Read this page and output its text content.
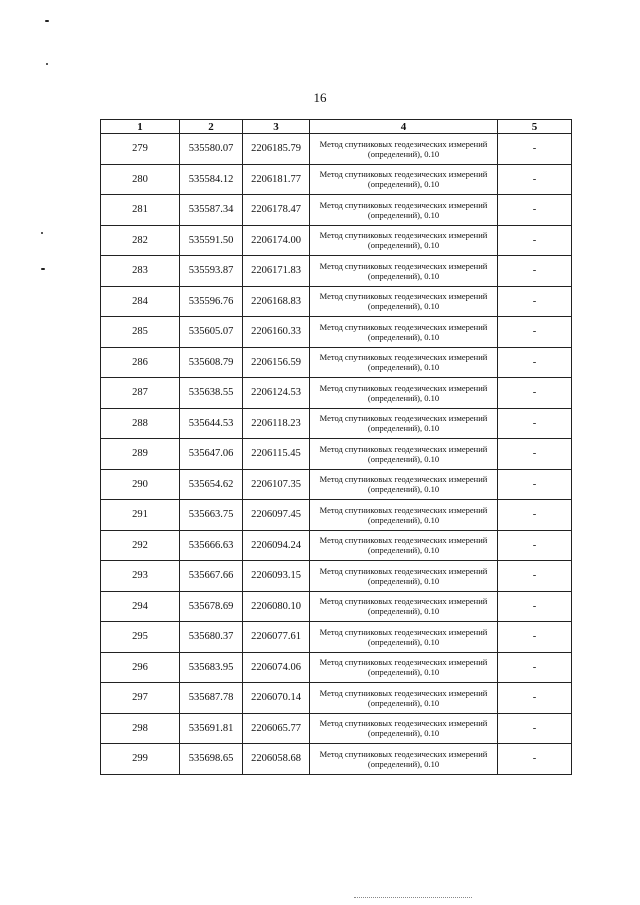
16
1	2	3	4	5
279	535580.07	2206185.79	Метод спутниковых геодезических измерений (определений), 0.10	-
280	535584.12	2206181.77	Метод спутниковых геодезических измерений (определений), 0.10	-
281	535587.34	2206178.47	Метод спутниковых геодезических измерений (определений), 0.10	-
282	535591.50	2206174.00	Метод спутниковых геодезических измерений (определений), 0.10	-
283	535593.87	2206171.83	Метод спутниковых геодезических измерений (определений), 0.10	-
284	535596.76	2206168.83	Метод спутниковых геодезических измерений (определений), 0.10	-
285	535605.07	2206160.33	Метод спутниковых геодезических измерений (определений), 0.10	-
286	535608.79	2206156.59	Метод спутниковых геодезических измерений (определений), 0.10	-
287	535638.55	2206124.53	Метод спутниковых геодезических измерений (определений), 0.10	-
288	535644.53	2206118.23	Метод спутниковых геодезических измерений (определений), 0.10	-
289	535647.06	2206115.45	Метод спутниковых геодезических измерений (определений), 0.10	-
290	535654.62	2206107.35	Метод спутниковых геодезических измерений (определений), 0.10	-
291	535663.75	2206097.45	Метод спутниковых геодезических измерений (определений), 0.10	-
292	535666.63	2206094.24	Метод спутниковых геодезических измерений (определений), 0.10	-
293	535667.66	2206093.15	Метод спутниковых геодезических измерений (определений), 0.10	-
294	535678.69	2206080.10	Метод спутниковых геодезических измерений (определений), 0.10	-
295	535680.37	2206077.61	Метод спутниковых геодезических измерений (определений), 0.10	-
296	535683.95	2206074.06	Метод спутниковых геодезических измерений (определений), 0.10	-
297	535687.78	2206070.14	Метод спутниковых геодезических измерений (определений), 0.10	-
298	535691.81	2206065.77	Метод спутниковых геодезических измерений (определений), 0.10	-
299	535698.65	2206058.68	Метод спутниковых геодезических измерений (определений), 0.10	-
